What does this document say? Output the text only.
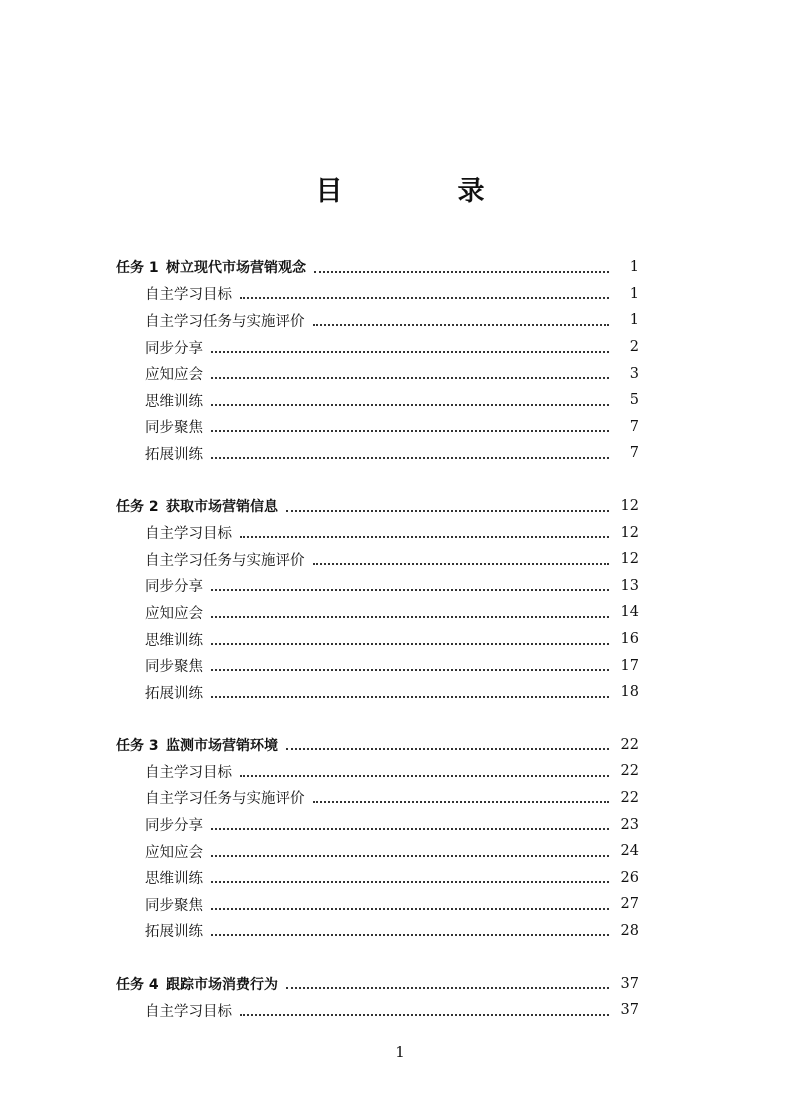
目　录
任务 1 树立现代市场营销观念	1
自主学习目标	1
自主学习任务与实施评价	1
同步分享	2
应知应会	3
思维训练	5
同步聚焦	7
拓展训练	7
任务 2 获取市场营销信息	12
自主学习目标	12
自主学习任务与实施评价	12
同步分享	13
应知应会	14
思维训练	16
同步聚焦	17
拓展训练	18
任务 3 监测市场营销环境	22
自主学习目标	22
自主学习任务与实施评价	22
同步分享	23
应知应会	24
思维训练	26
同步聚焦	27
拓展训练	28
任务 4 跟踪市场消费行为	37
自主学习目标	37
1
